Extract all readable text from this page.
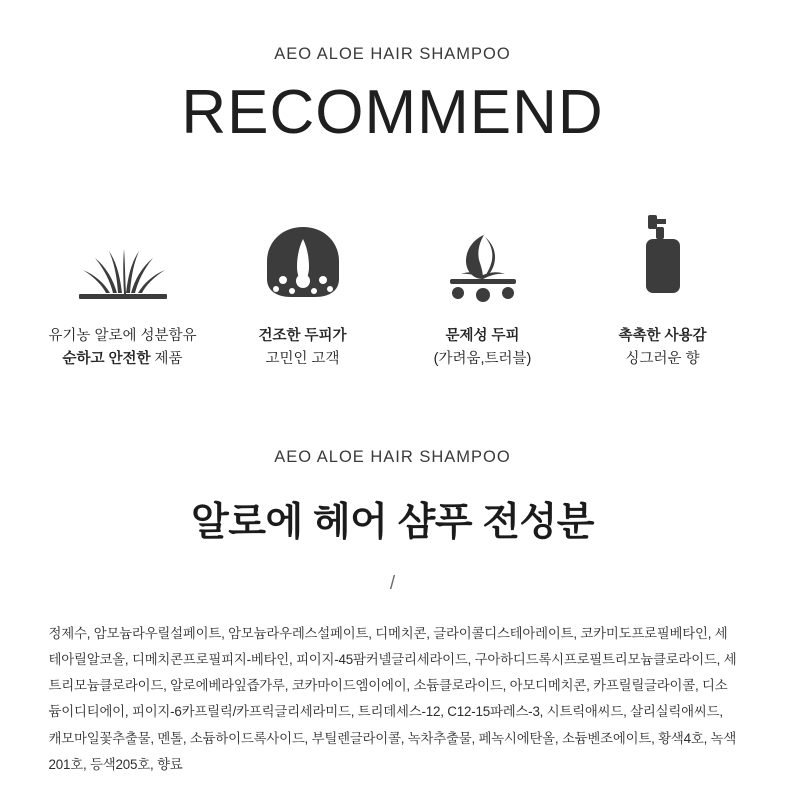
AEO ALOE HAIR SHAMPOO
RECOMMEND
유기농 알로에 성분함유
순하고 안전한 제품
건조한 두피가
고민인 고객
문제성 두피
(가려움,트러블)
촉촉한 사용감
싱그러운 향
AEO ALOE HAIR SHAMPOO
알로에 헤어 샴푸 전성분
/
정제수, 암모늄라우릴설페이트, 암모늄라우레스설페이트, 디메치콘, 글라이콜디스테아레이트, 코카미도프로필베타인, 세테아릴알코올, 디메치콘프로필피지-베타인, 피이지-45팜커넬글리세라이드, 구아하디드록시프로필트리모늄클로라이드, 세트리모늄클로라이드, 알로에베라잎즙가루, 코카마이드엠이에이, 소듐클로라이드, 아모디메치콘, 카프릴릴글라이콜, 디소듐이디티에이, 피이지-6카프릴릭/카프릭글리세라미드, 트리데세스-12, C12-15파레스-3, 시트릭애씨드, 살리실릭애씨드, 캐모마일꽃추출물, 멘톨, 소듐하이드록사이드, 부틸렌글라이콜, 녹차추출물, 페녹시에탄올, 소듐벤조에이트, 황색4호, 녹색201호, 등색205호, 향료
